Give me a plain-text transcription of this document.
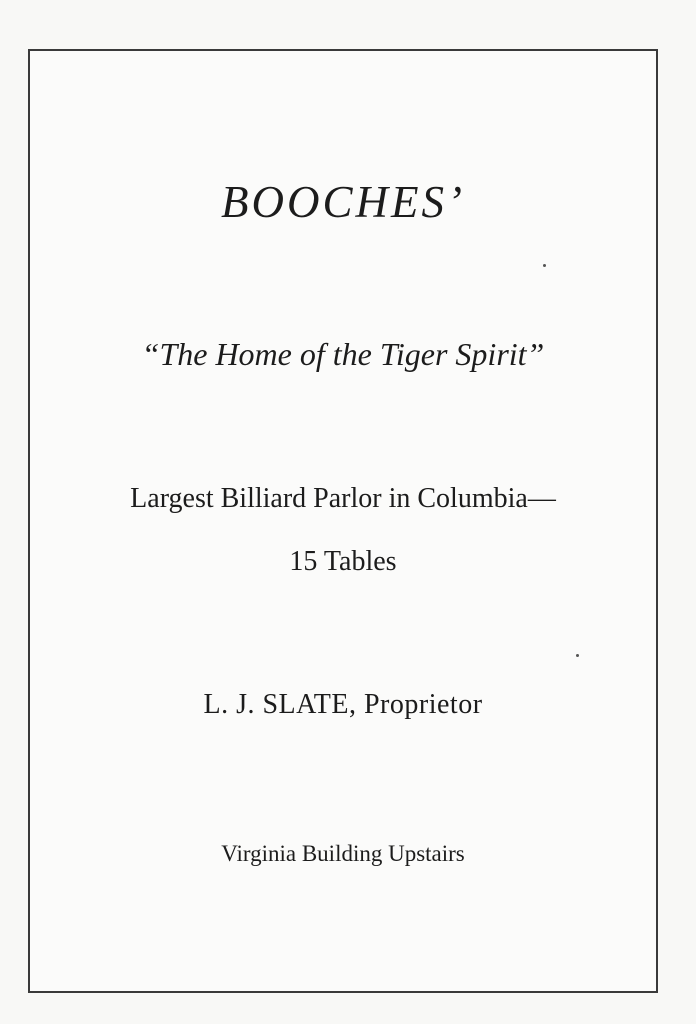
BOOCHES’
“The Home of the Tiger Spirit”
Largest Billiard Parlor in Columbia—
15 Tables
L. J. SLATE, Proprietor
Virginia Building Upstairs
